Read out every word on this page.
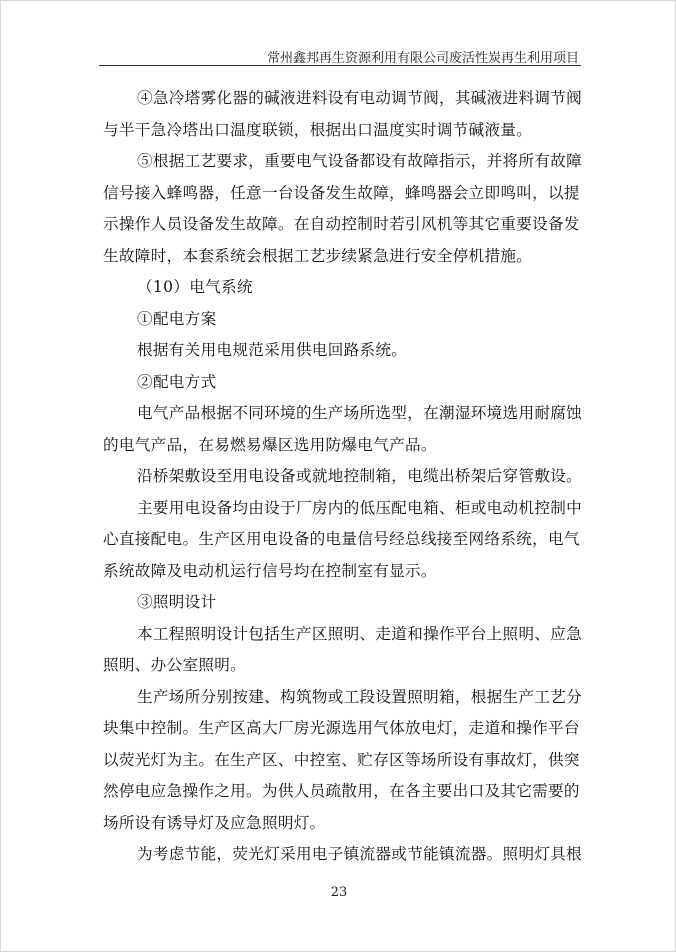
常州鑫邦再生资源利用有限公司废活性炭再生利用项目

④急冷塔雾化器的碱液进料设有电动调节阀，其碱液进料调节阀

与半干急冷塔出口温度联锁，根据出口温度实时调节碱液量。

⑤根据工艺要求，重要电气设备都设有故障指示，并将所有故障

信号接入蜂鸣器，任意一台设备发生故障，蜂鸣器会立即鸣叫，以提

示操作人员设备发生故障。在自动控制时若引风机等其它重要设备发

生故障时，本套系统会根据工艺步续紧急进行安全停机措施。

（10）电气系统

①配电方案

根据有关用电规范采用供电回路系统。

②配电方式

电气产品根据不同环境的生产场所选型，在潮湿环境选用耐腐蚀

的电气产品，在易燃易爆区选用防爆电气产品。

沿桥架敷设至用电设备或就地控制箱，电缆出桥架后穿管敷设。

主要用电设备均由设于厂房内的低压配电箱、柜或电动机控制中

心直接配电。生产区用电设备的电量信号经总线接至网络系统，电气

系统故障及电动机运行信号均在控制室有显示。

③照明设计

本工程照明设计包括生产区照明、走道和操作平台上照明、应急

照明、办公室照明。

生产场所分别按建、构筑物或工段设置照明箱，根据生产工艺分

块集中控制。生产区高大厂房光源选用气体放电灯，走道和操作平台

以荧光灯为主。在生产区、中控室、贮存区等场所设有事故灯，供突

然停电应急操作之用。为供人员疏散用，在各主要出口及其它需要的

场所设有诱导灯及应急照明灯。

为考虑节能，荧光灯采用电子镇流器或节能镇流器。照明灯具根

23
